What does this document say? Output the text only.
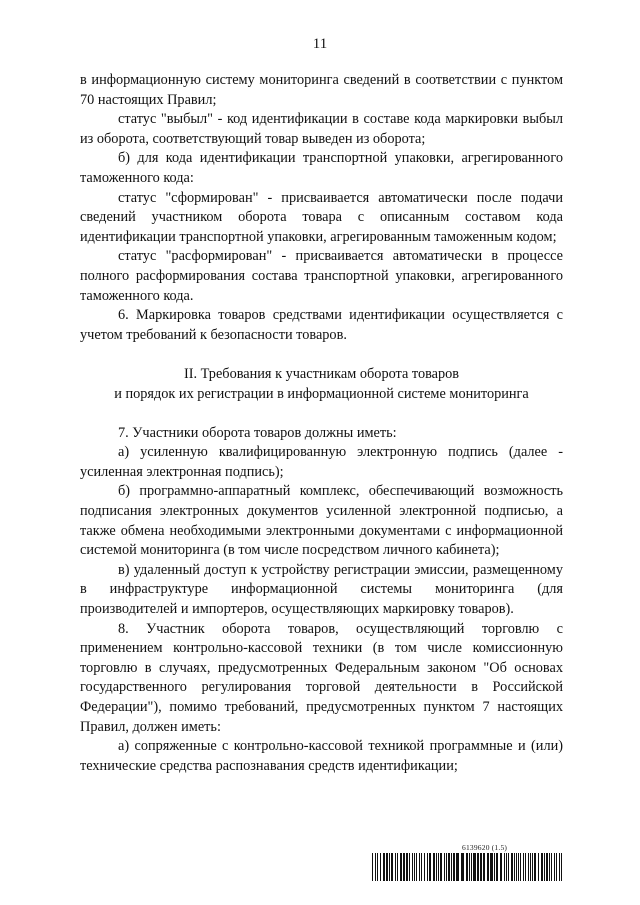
11

в информационную систему мониторинга сведений в соответствии с пунктом 70 настоящих Правил;

статус "выбыл" - код идентификации в составе кода маркировки выбыл из оборота, соответствующий товар выведен из оборота;

б) для кода идентификации транспортной упаковки, агрегированного таможенного кода:

статус "сформирован" - присваивается автоматически после подачи сведений участником оборота товара с описанным составом кода идентификации транспортной упаковки, агрегированным таможенным кодом;

статус "расформирован" - присваивается автоматически в процессе полного расформирования состава транспортной упаковки, агрегированного таможенного кода.

6. Маркировка товаров средствами идентификации осуществляется с учетом требований к безопасности товаров.

II. Требования к участникам оборота товаров
и порядок их регистрации в информационной системе мониторинга

7. Участники оборота товаров должны иметь:

а) усиленную квалифицированную электронную подпись (далее - усиленная электронная подпись);

б) программно-аппаратный комплекс, обеспечивающий возможность подписания электронных документов усиленной электронной подписью, а также обмена необходимыми электронными документами с информационной системой мониторинга (в том числе посредством личного кабинета);

в) удаленный доступ к устройству регистрации эмиссии, размещенному в инфраструктуре информационной системы мониторинга (для производителей и импортеров, осуществляющих маркировку товаров).

8. Участник оборота товаров, осуществляющий торговлю с применением контрольно-кассовой техники (в том числе комиссионную торговлю в случаях, предусмотренных Федеральным законом "Об основах государственного регулирования торговой деятельности в Российской Федерации"), помимо требований, предусмотренных пунктом 7 настоящих Правил, должен иметь:

а) сопряженные с контрольно-кассовой техникой программные и (или) технические средства распознавания средств идентификации;

6139620 (1.5)
